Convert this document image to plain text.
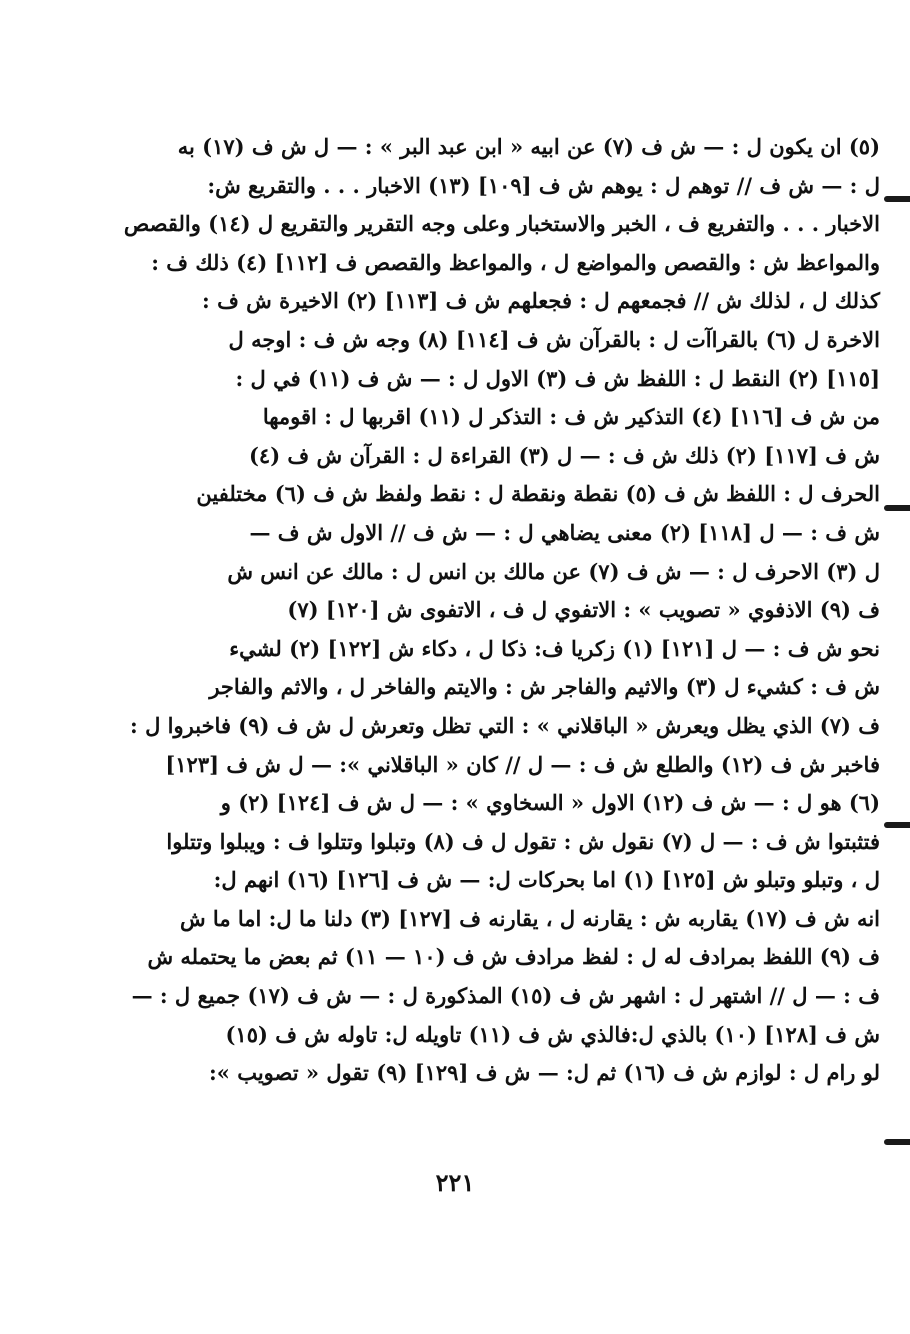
(٥) ان يكون ل : — ش ف (٧) عن ابيه « ابن عبد البر » : — ل ش ف (١٧) به
ل : — ش ف // توهم ل : يوهم ش ف [١٠٩] (١٣) الاخبار . . . والتقريع ش:
الاخبار . . . والتفريع ف ، الخبر والاستخبار وعلى وجه التقرير والتقريع ل (١٤) والقصص
والمواعظ ش : والقصص والمواضع ل ، والمواعظ والقصص ف [١١٢] (٤) ذلك ف :
كذلك ل ، لذلك ش // فجمعهم ل : فجعلهم ش ف [١١٣] (٢) الاخيرة ش ف :
الاخرة ل (٦) بالقراآت ل : بالقرآن ش ف [١١٤] (٨) وجه ش ف : اوجه ل
[١١٥] (٢) النقط ل : اللفظ ش ف (٣) الاول ل : — ش ف (١١) في ل :
من ش ف [١١٦] (٤) التذكير ش ف : التذكر ل (١١) اقربها ل : اقومها
ش ف [١١٧] (٢) ذلك ش ف : — ل (٣) القراءة ل : القرآن ش ف (٤)
الحرف ل : اللفظ ش ف (٥) نقطة ونقطة ل : نقط ولفظ ش ف (٦) مختلفين
ش ف : — ل [١١٨] (٢) معنى يضاهي ل : — ش ف // الاول ش ف —
ل (٣) الاحرف ل : — ش ف (٧) عن مالك بن انس ل : مالك عن انس ش
ف (٩) الاذفوي « تصويب » : الاتفوي ل ف ، الاتفوى ش [١٢٠] (٧)
نحو ش ف : — ل [١٢١] (١) زكريا ف: ذكا ل ، دكاء ش [١٢٢] (٢) لشيء
ش ف : كشيء ل (٣) والاثيم والفاجر ش : والايتم والفاخر ل ، والاثم والفاجر
ف (٧) الذي يظل ويعرش « الباقلاني » : التي تظل وتعرش ل ش ف (٩) فاخبروا ل :
فاخبر ش ف (١٢) والطلع ش ف : — ل // كان « الباقلاني »: — ل ش ف [١٢٣]
(٦) هو ل : — ش ف (١٢) الاول « السخاوي » : — ل ش ف [١٢٤] (٢) و
فتثبتوا ش ف : — ل (٧) نقول ش : تقول ل ف (٨) وتبلوا وتتلوا ف : ويبلوا وتتلوا
ل ، وتبلو وتبلو ش [١٢٥] (١) اما بحركات ل: — ش ف [١٢٦] (١٦) انهم ل:
انه ش ف (١٧) يقاربه ش : يقارنه ل ، يقارنه ف [١٢٧] (٣) دلنا ما ل: اما ما ش
ف (٩) اللفظ بمرادف له ل : لفظ مرادف ش ف (١٠ — ١١) ثم بعض ما يحتمله ش
ف : — ل // اشتهر ل : اشهر ش ف (١٥) المذكورة ل : — ش ف (١٧) جميع ل : —
ش ف [١٢٨] (١٠) بالذي ل:فالذي ش ف (١١) تاويله ل: تاوله ش ف (١٥)
لو رام ل : لوازم ش ف (١٦) ثم ل: — ش ف [١٢٩] (٩) تقول « تصويب »:
٢٢١
